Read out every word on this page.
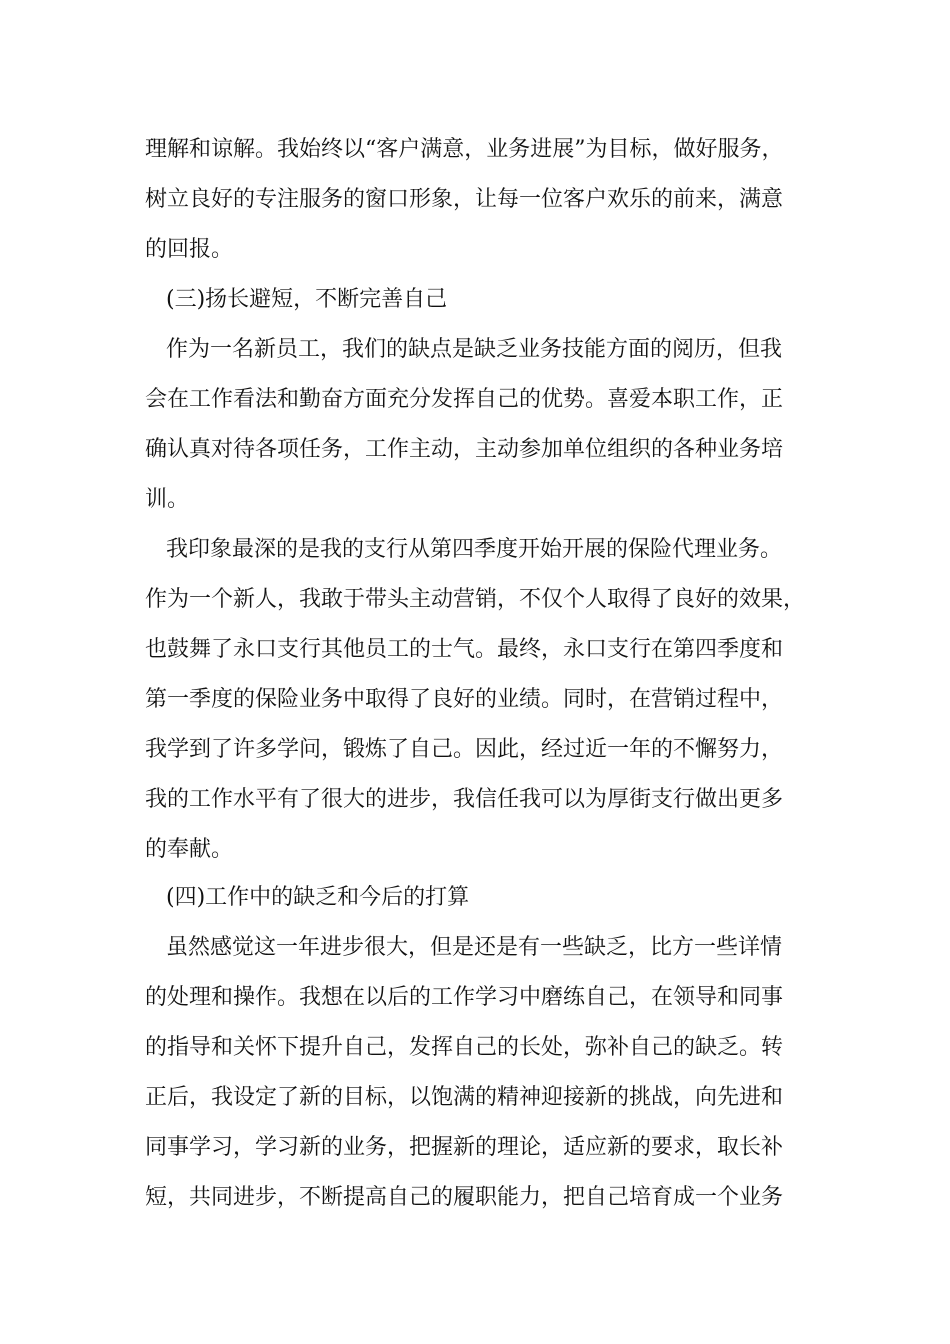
理解和谅解。我始终以“客户满意，业务进展”为目标，做好服务，
树立良好的专注服务的窗口形象，让每一位客户欢乐的前来，满意
的回报。
(三)扬长避短，不断完善自己
作为一名新员工，我们的缺点是缺乏业务技能方面的阅历，但我
会在工作看法和勤奋方面充分发挥自己的优势。喜爱本职工作，正
确认真对待各项任务，工作主动，主动参加单位组织的各种业务培
训。
我印象最深的是我的支行从第四季度开始开展的保险代理业务。
作为一个新人，我敢于带头主动营销，不仅个人取得了良好的效果，
也鼓舞了永口支行其他员工的士气。最终，永口支行在第四季度和
第一季度的保险业务中取得了良好的业绩。同时，在营销过程中，
我学到了许多学问，锻炼了自己。因此，经过近一年的不懈努力，
我的工作水平有了很大的进步，我信任我可以为厚街支行做出更多
的奉献。
(四)工作中的缺乏和今后的打算
虽然感觉这一年进步很大，但是还是有一些缺乏，比方一些详情
的处理和操作。我想在以后的工作学习中磨练自己，在领导和同事
的指导和关怀下提升自己，发挥自己的长处，弥补自己的缺乏。转
正后，我设定了新的目标，以饱满的精神迎接新的挑战，向先进和
同事学习，学习新的业务，把握新的理论，适应新的要求，取长补
短，共同进步，不断提高自己的履职能力，把自己培育成一个业务
